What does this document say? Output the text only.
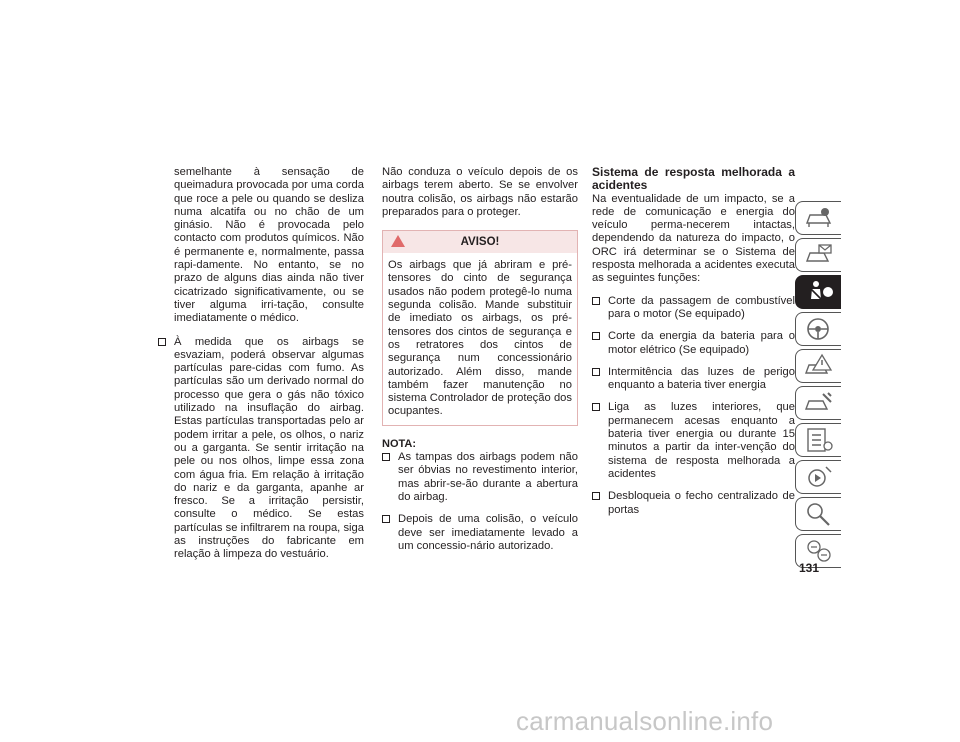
semelhante à sensação de queimadura provocada por uma corda que roce a pele ou quando se desliza numa alcatifa ou no chão de um ginásio. Não é provocada pelo contacto com produtos químicos. Não é permanente e, normalmente, passa rapi-damente. No entanto, se no prazo de alguns dias ainda não tiver cicatrizado significativamente, ou se tiver alguma irri-tação, consulte imediatamente o médico.

À medida que os airbags se esvaziam, poderá observar algumas partículas pare-cidas com fumo. As partículas são um derivado normal do processo que gera o gás não tóxico utilizado na insuflação do airbag. Estas partículas transportadas pelo ar podem irritar a pele, os olhos, o nariz ou a garganta. Se sentir irritação na pele ou nos olhos, limpe essa zona com água fria. Em relação à irritação do nariz e da garganta, apanhe ar fresco. Se a irritação persistir, consulte o médico. Se estas partículas se infiltrarem na roupa, siga as instruções do fabricante em relação à limpeza do vestuário.

Não conduza o veículo depois de os airbags terem aberto. Se se envolver noutra colisão, os airbags não estarão preparados para o proteger.

AVISO!
Os airbags que já abriram e pré-tensores do cinto de segurança usados não podem protegê-lo numa segunda colisão. Mande substituir de imediato os airbags, os pré-tensores dos cintos de segurança e os retratores dos cintos de segurança num concessionário autorizado. Além disso, mande também fazer manutenção no sistema Controlador de proteção dos ocupantes.

NOTA:

As tampas dos airbags podem não ser óbvias no revestimento interior, mas abrir-se-ão durante a abertura do airbag.
Depois de uma colisão, o veículo deve ser imediatamente levado a um concessio-nário autorizado.

Sistema de resposta melhorada a acidentes

Na eventualidade de um impacto, se a rede de comunicação e energia do veículo perma-necerem intactas, dependendo da natureza do impacto, o ORC irá determinar se o Sistema de resposta melhorada a acidentes executa as seguintes funções:

Corte da passagem de combustível para o motor (Se equipado)
Corte da energia da bateria para o motor elétrico (Se equipado)
Intermitência das luzes de perigo enquanto a bateria tiver energia
Liga as luzes interiores, que permanecem acesas enquanto a bateria tiver energia ou durante 15 minutos a partir da inter-venção do sistema de resposta melhorada a acidentes
Desbloqueia o fecho centralizado de portas
131
carmanualsonline.info
